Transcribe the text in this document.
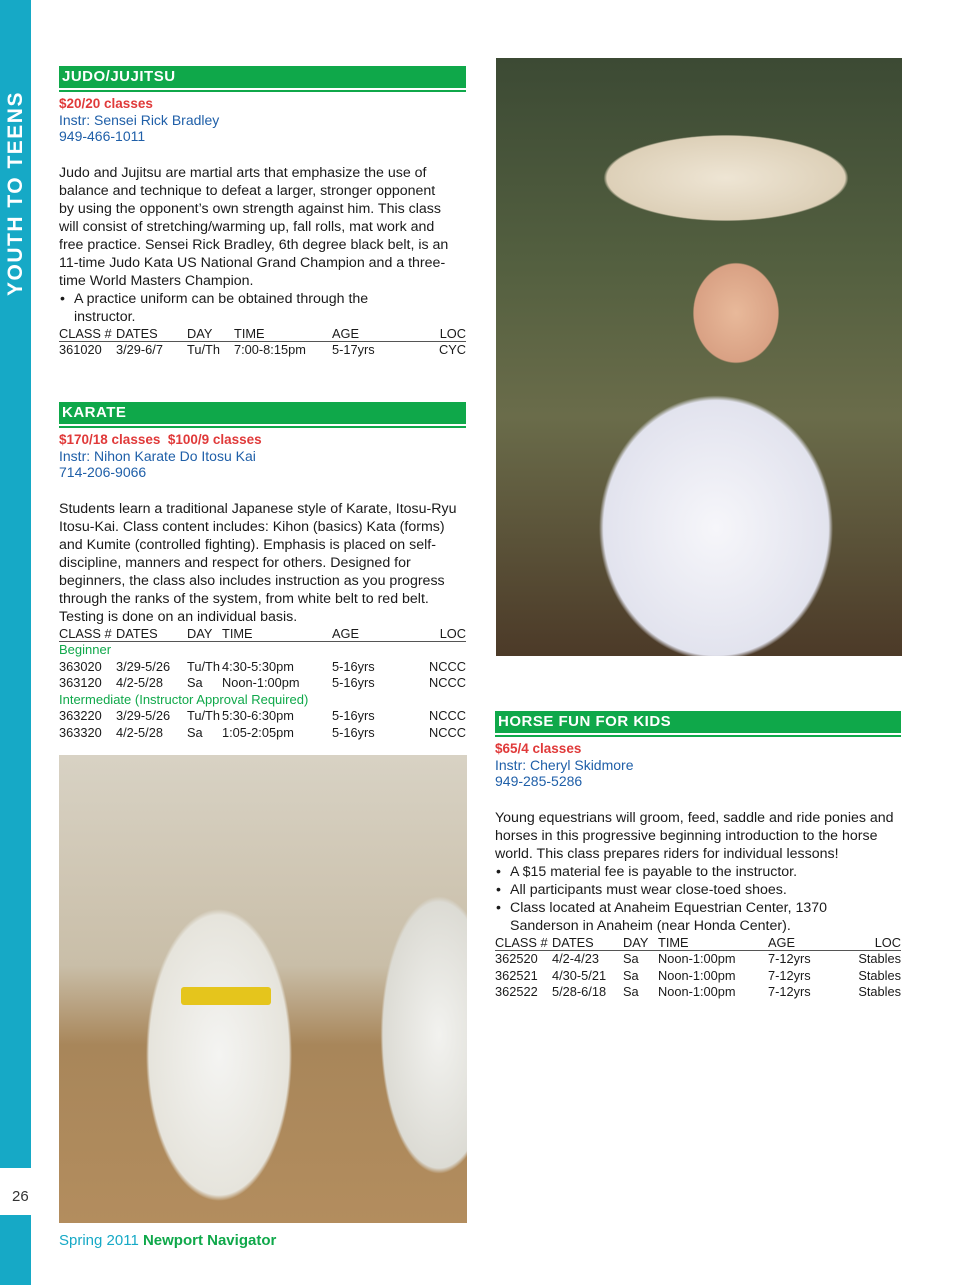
YOUTH TO TEENS
26
JUDO/JUJITSU
$20/20 classes
Instr: Sensei Rick Bradley
949-466-1011
Judo and Jujitsu are martial arts that emphasize the use of balance and technique to defeat a larger, stronger opponent by using the opponent’s own strength against him. This class will consist of stretching/warming up, fall rolls, mat work and free practice. Sensei Rick Bradley, 6th degree black belt, is an 11-time Judo Kata US National Grand Champion and a three-time World Masters Champion.
• A practice uniform can be obtained through the instructor.
CLASS #	DATES	DAY	TIME	AGE	LOC
361020	3/29-6/7	Tu/Th	7:00-8:15pm	5-17yrs	CYC
KARATE
$170/18 classes  $100/9 classes
Instr: Nihon Karate Do Itosu Kai
714-206-9066
Students learn a traditional Japanese style of Karate, Itosu-Ryu Itosu-Kai. Class content includes: Kihon (basics) Kata (forms) and Kumite (controlled fighting). Emphasis is placed on self-discipline, manners and respect for others. Designed for beginners, the class also includes instruction as you progress through the ranks of the system, from white belt to red belt. Testing is done on an individual basis.
CLASS #	DATES	DAY	TIME	AGE	LOC
Beginner					
363020	3/29-5/26	Tu/Th	4:30-5:30pm	5-16yrs	NCCC
363120	4/2-5/28	Sa	Noon-1:00pm	5-16yrs	NCCC
Intermediate (Instructor Approval Required)					
363220	3/29-5/26	Tu/Th	5:30-6:30pm	5-16yrs	NCCC
363320	4/2-5/28	Sa	1:05-2:05pm	5-16yrs	NCCC
HORSE FUN FOR KIDS
$65/4 classes
Instr: Cheryl Skidmore
949-285-5286
Young equestrians will groom, feed, saddle and ride ponies and horses in this progressive beginning introduction to the horse world. This class prepares riders for individual lessons!
• A $15 material fee is payable to the instructor.
• All participants must wear close-toed shoes.
• Class located at Anaheim Equestrian Center, 1370 Sanderson in Anaheim (near Honda Center).
CLASS #	DATES	DAY	TIME	AGE	LOC
362520	4/2-4/23	Sa	Noon-1:00pm	7-12yrs	Stables
362521	4/30-5/21	Sa	Noon-1:00pm	7-12yrs	Stables
362522	5/28-6/18	Sa	Noon-1:00pm	7-12yrs	Stables
Spring 2011 Newport Navigator
